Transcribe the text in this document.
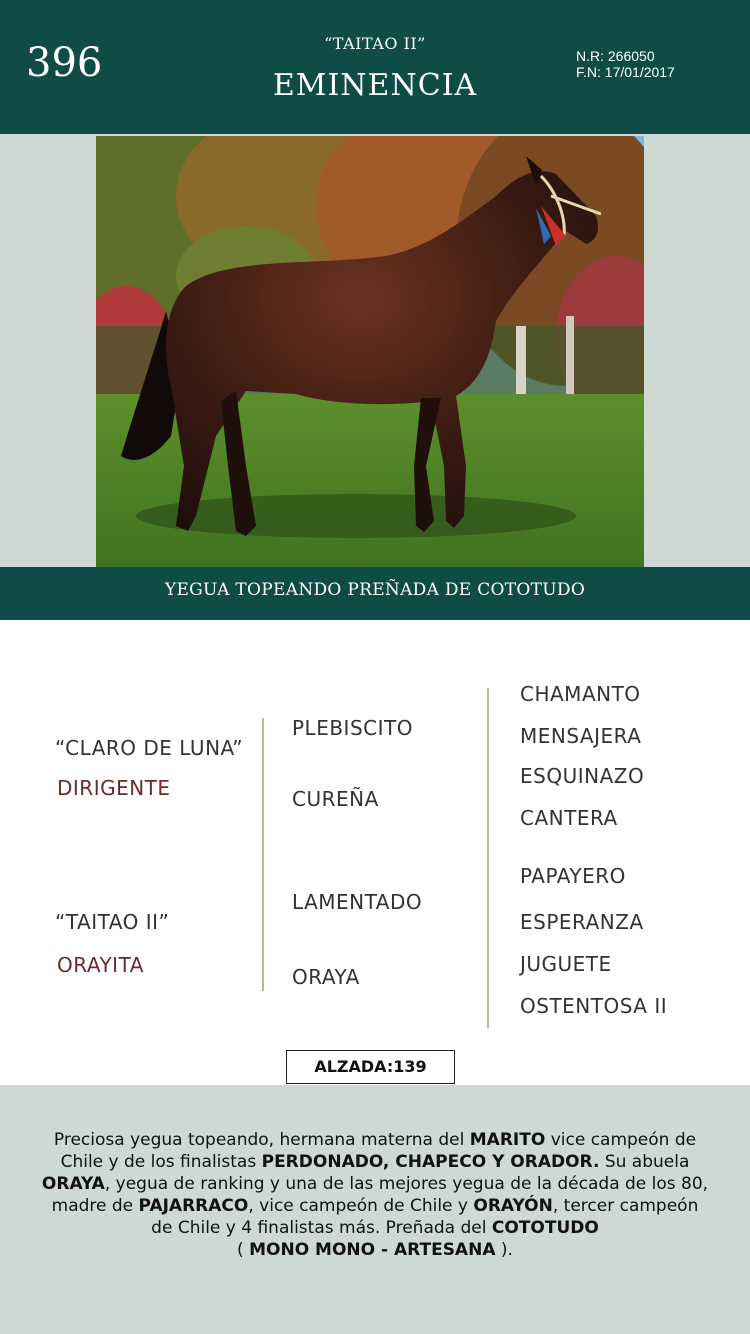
396	“TAITAO II”
EMINENCIA
N.R: 266050
F.N: 17/01/2017
YEGUA TOPEANDO PREÑADA DE COTOTUDO
“CLARO DE LUNA”
DIRIGENTE
“TAITAO II”
ORAYITA
PLEBISCITO
CUREÑA
LAMENTADO
ORAYA
CHAMANTO
MENSAJERA
ESQUINAZO
CANTERA
PAPAYERO
ESPERANZA
JUGUETE
OSTENTOSA II
ALZADA:139
Preciosa yegua topeando, hermana materna del MARITO vice campeón de Chile y de los finalistas PERDONADO, CHAPECO Y ORADOR. Su abuela ORAYA, yegua de ranking y una de las mejores yegua de la década de los 80, madre de PAJARRACO, vice campeón de Chile y ORAYÓN, tercer campeón de Chile y 4 finalistas más. Preñada del COTOTUDO
( MONO MONO - ARTESANA ).
